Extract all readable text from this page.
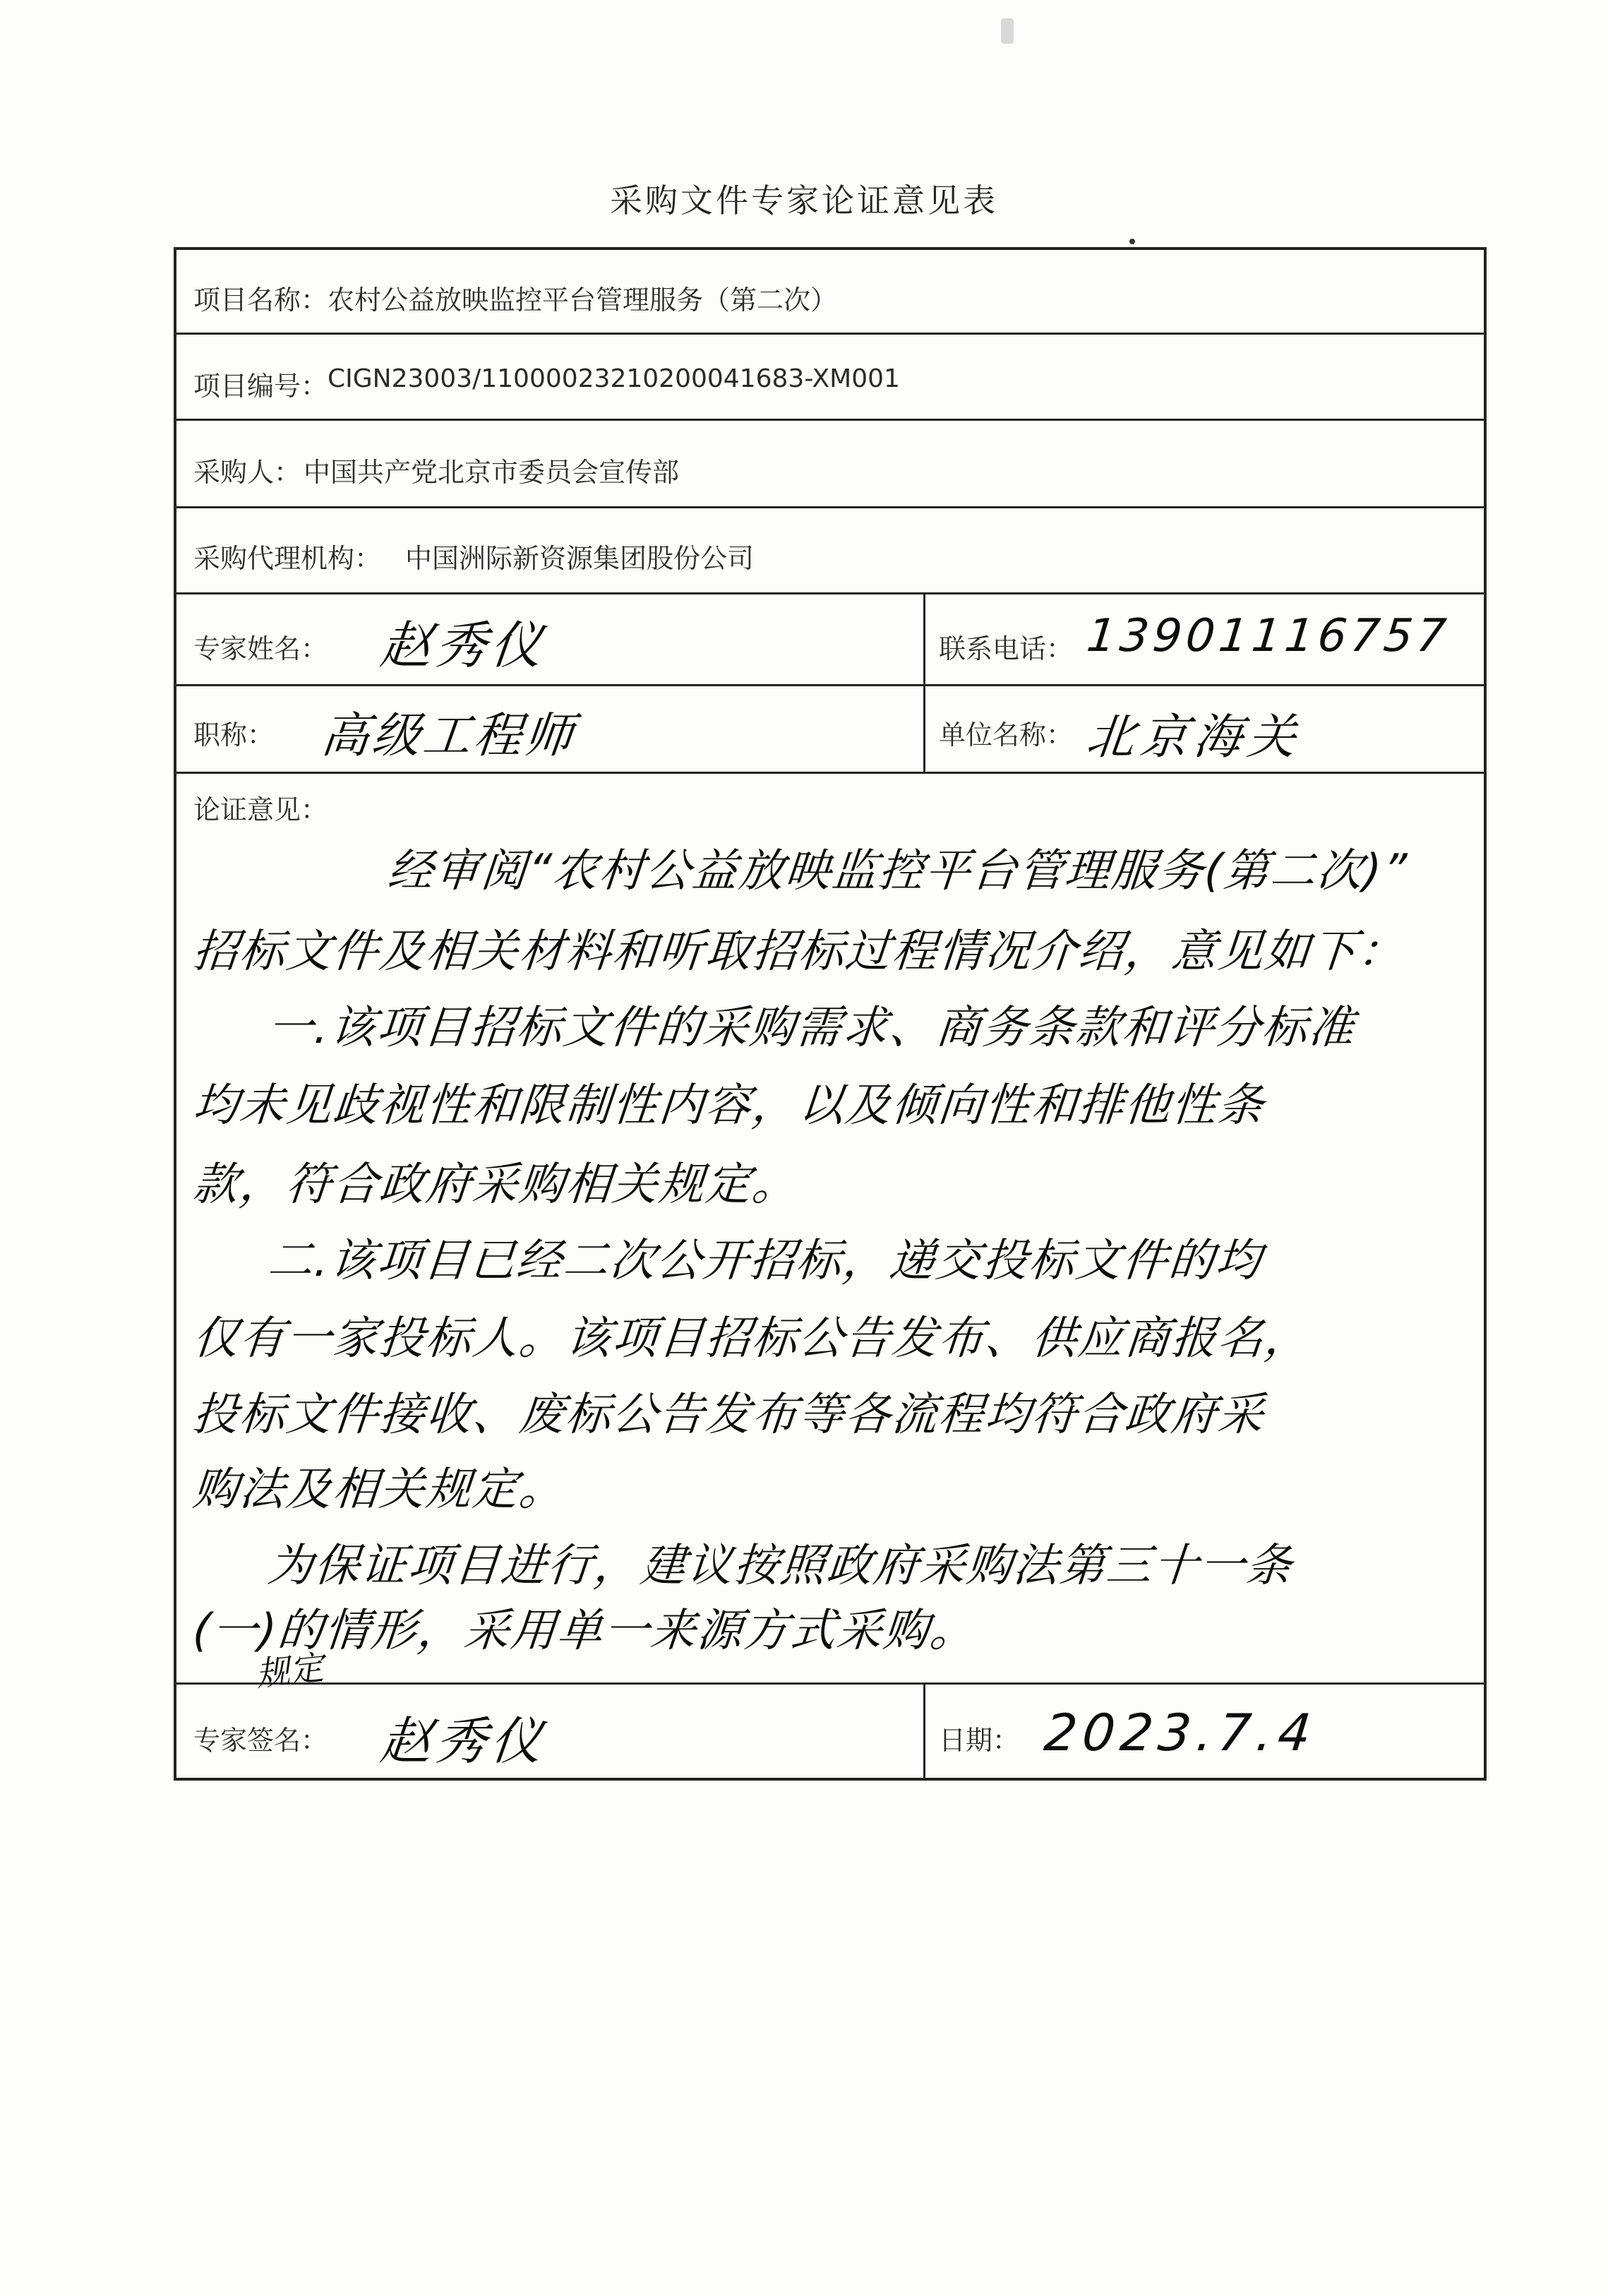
采购文件专家论证意见表
项目名称： 农村公益放映监控平台管理服务（第二次）
项目编号： CIGN23003/11000023210200041683-XM001
采购人： 中国共产党北京市委员会宣传部
采购代理机构： 中国洲际新资源集团股份公司
专家姓名： 赵秀仪	联系电话： 13901116757
职称： 高级工程师	单位名称： 北京海关
论证意见：
经审阅“农村公益放映监控平台管理服务(第二次)”
招标文件及相关材料和听取招标过程情况介绍，意见如下：
一.该项目招标文件的采购需求、商务条款和评分标准
均未见歧视性和限制性内容，以及倾向性和排他性条
款，符合政府采购相关规定。
二.该项目已经二次公开招标，递交投标文件的均
仅有一家投标人。该项目招标公告发布、供应商报名，
投标文件接收、废标公告发布等各流程均符合政府采
购法及相关规定。
为保证项目进行，建议按照政府采购法第三十一条
(一)的情形，采用单一来源方式采购。
规定
专家签名： 赵秀仪	日期： 2023.7.4
